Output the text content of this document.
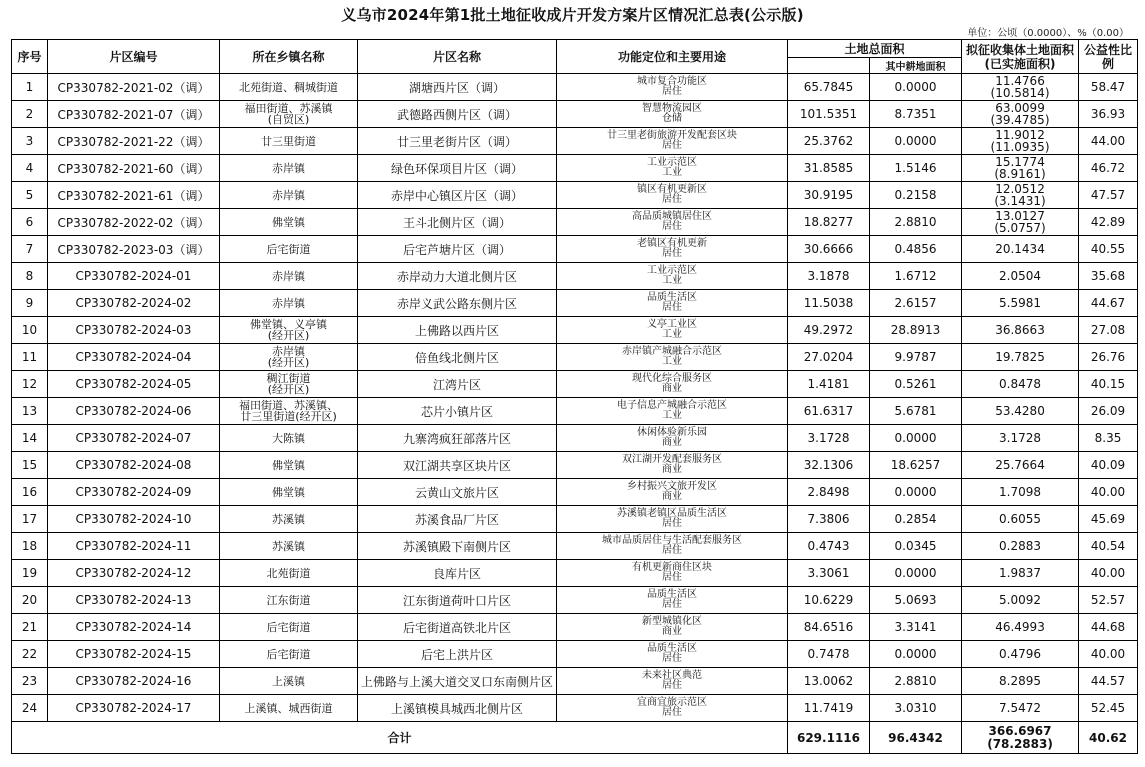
义乌市2024年第1批土地征收成片开发方案片区情况汇总表(公示版)
单位：公顷（0.0000）、%（0.00）
序号	片区编号	所在乡镇名称	片区名称	功能定位和主要用途	土地总面积		拟征收集体土地面积(已实施面积)	公益性比例
						其中耕地面积		
1	CP330782-2021-02（调）	北苑街道、稠城街道	湖塘西片区（调）	城市复合功能区
居住	65.7845	0.0000	11.4766
(10.5814)	58.47
2	CP330782-2021-07（调）	福田街道、苏溪镇
(自贸区)	武德路西侧片区（调）	智慧物流园区
仓储	101.5351	8.7351	63.0099
(39.4785)	36.93
3	CP330782-2021-22（调）	廿三里街道	廿三里老街片区（调）	廿三里老街旅游开发配套区块
居住	25.3762	0.0000	11.9012
(11.0935)	44.00
4	CP330782-2021-60（调）	赤岸镇	绿色环保项目片区（调）	工业示范区
工业	31.8585	1.5146	15.1774
(8.9161)	46.72
5	CP330782-2021-61（调）	赤岸镇	赤岸中心镇区片区（调）	镇区有机更新区
居住	30.9195	0.2158	12.0512
(3.1431)	47.57
6	CP330782-2022-02（调）	佛堂镇	王斗北侧片区（调）	高品质城镇居住区
居住	18.8277	2.8810	13.0127
(5.0757)	42.89
7	CP330782-2023-03（调）	后宅街道	后宅芦塘片区（调）	老镇区有机更新
居住	30.6666	0.4856	20.1434	40.55
8	CP330782-2024-01	赤岸镇	赤岸动力大道北侧片区	工业示范区
工业	3.1878	1.6712	2.0504	35.68
9	CP330782-2024-02	赤岸镇	赤岸义武公路东侧片区	品质生活区
居住	11.5038	2.6157	5.5981	44.67
10	CP330782-2024-03	佛堂镇、义亭镇
(经开区)	上佛路以西片区	义亭工业区
工业	49.2972	28.8913	36.8663	27.08
11	CP330782-2024-04	赤岸镇
(经开区)	倍鱼线北侧片区	赤岸镇产城融合示范区
工业	27.0204	9.9787	19.7825	26.76
12	CP330782-2024-05	稠江街道
(经开区)	江湾片区	现代化综合服务区
商业	1.4181	0.5261	0.8478	40.15
13	CP330782-2024-06	福田街道、苏溪镇、
廿三里街道(经开区)	芯片小镇片区	电子信息产城融合示范区
工业	61.6317	5.6781	53.4280	26.09
14	CP330782-2024-07	大陈镇	九寨湾疯狂部落片区	休闲体验新乐园
商业	3.1728	0.0000	3.1728	8.35
15	CP330782-2024-08	佛堂镇	双江湖共享区块片区	双江湖开发配套服务区
商业	32.1306	18.6257	25.7664	40.09
16	CP330782-2024-09	佛堂镇	云黄山文旅片区	乡村振兴文旅开发区
商业	2.8498	0.0000	1.7098	40.00
17	CP330782-2024-10	苏溪镇	苏溪食品厂片区	苏溪镇老镇区品质生活区
居住	7.3806	0.2854	0.6055	45.69
18	CP330782-2024-11	苏溪镇	苏溪镇殿下南侧片区	城市品质居住与生活配套服务区
居住	0.4743	0.0345	0.2883	40.54
19	CP330782-2024-12	北苑街道	良库片区	有机更新商住区块
居住	3.3061	0.0000	1.9837	40.00
20	CP330782-2024-13	江东街道	江东街道荷叶口片区	品质生活区
居住	10.6229	5.0693	5.0092	52.57
21	CP330782-2024-14	后宅街道	后宅街道高铁北片区	新型城镇化区
商业	84.6516	3.3141	46.4993	44.68
22	CP330782-2024-15	后宅街道	后宅上洪片区	品质生活区
居住	0.7478	0.0000	0.4796	40.00
23	CP330782-2024-16	上溪镇	上佛路与上溪大道交叉口东南侧片区	未来社区典范
居住	13.0062	2.8810	8.2895	44.57
24	CP330782-2024-17	上溪镇、城西街道	上溪镇模具城西北侧片区	宜商宜旅示范区
居住	11.7419	3.0310	7.5472	52.45
合计					629.1116	96.4342	366.6967
(78.2883)	40.62
